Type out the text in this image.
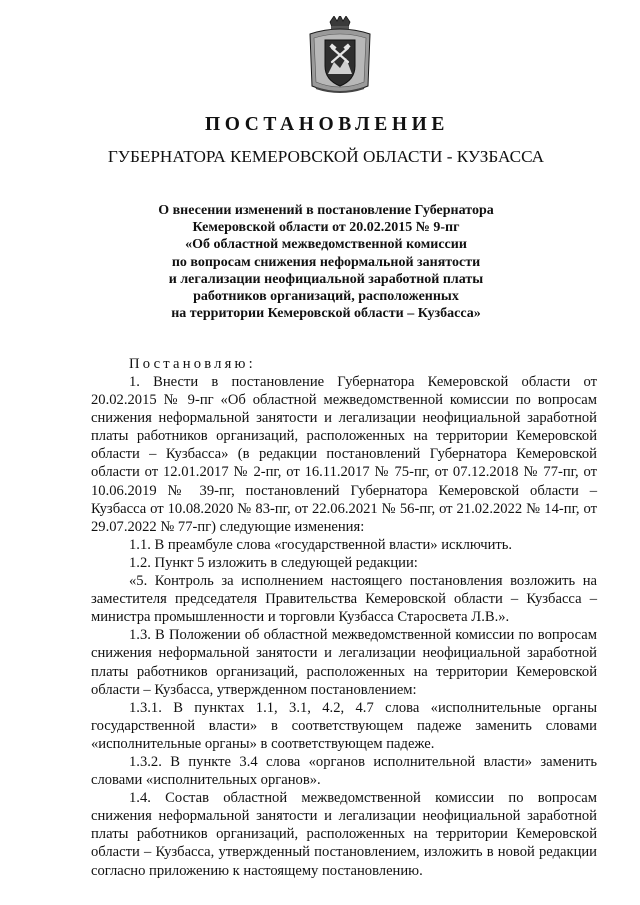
ПОСТАНОВЛЕНИЕ
ГУБЕРНАТОРА КЕМЕРОВСКОЙ ОБЛАСТИ - КУЗБАССА
О внесении изменений в постановление Губернатора
Кемеровской области от 20.02.2015 № 9-пг
«Об областной межведомственной комиссии
по вопросам снижения неформальной занятости
и легализации неофициальной заработной платы
работников организаций, расположенных
на территории Кемеровской области – Кузбасса»
Постановляю:

1. Внести в постановление Губернатора Кемеровской области от 20.02.2015 № 9-пг «Об областной межведомственной комиссии по вопросам снижения неформальной занятости и легализации неофициальной заработной платы работников организаций, расположенных на территории Кемеровской области – Кузбасса» (в редакции постановлений Губернатора Кемеровской области от 12.01.2017 № 2-пг, от 16.11.2017 № 75-пг, от 07.12.2018 № 77-пг, от 10.06.2019 № 39-пг, постановлений Губернатора Кемеровской области – Кузбасса от 10.08.2020 № 83-пг, от 22.06.2021 № 56-пг, от 21.02.2022 № 14-пг, от 29.07.2022 № 77-пг) следующие изменения:

1.1. В преамбуле слова «государственной власти» исключить.

1.2. Пункт 5 изложить в следующей редакции:

«5. Контроль за исполнением настоящего постановления возложить на заместителя председателя Правительства Кемеровской области – Кузбасса – министра промышленности и торговли Кузбасса Старосвета Л.В.».

1.3. В Положении об областной межведомственной комиссии по вопросам снижения неформальной занятости и легализации неофициальной заработной платы работников организаций, расположенных на территории Кемеровской области – Кузбасса, утвержденном постановлением:

1.3.1. В пунктах 1.1, 3.1, 4.2, 4.7 слова «исполнительные органы государственной власти» в соответствующем падеже заменить словами «исполнительные органы» в соответствующем падеже.

1.3.2. В пункте 3.4 слова «органов исполнительной власти» заменить словами «исполнительных органов».

1.4. Состав областной межведомственной комиссии по вопросам снижения неформальной занятости и легализации неофициальной заработной платы работников организаций, расположенных на территории Кемеровской области – Кузбасса, утвержденный постановлением, изложить в новой редакции согласно приложению к настоящему постановлению.
